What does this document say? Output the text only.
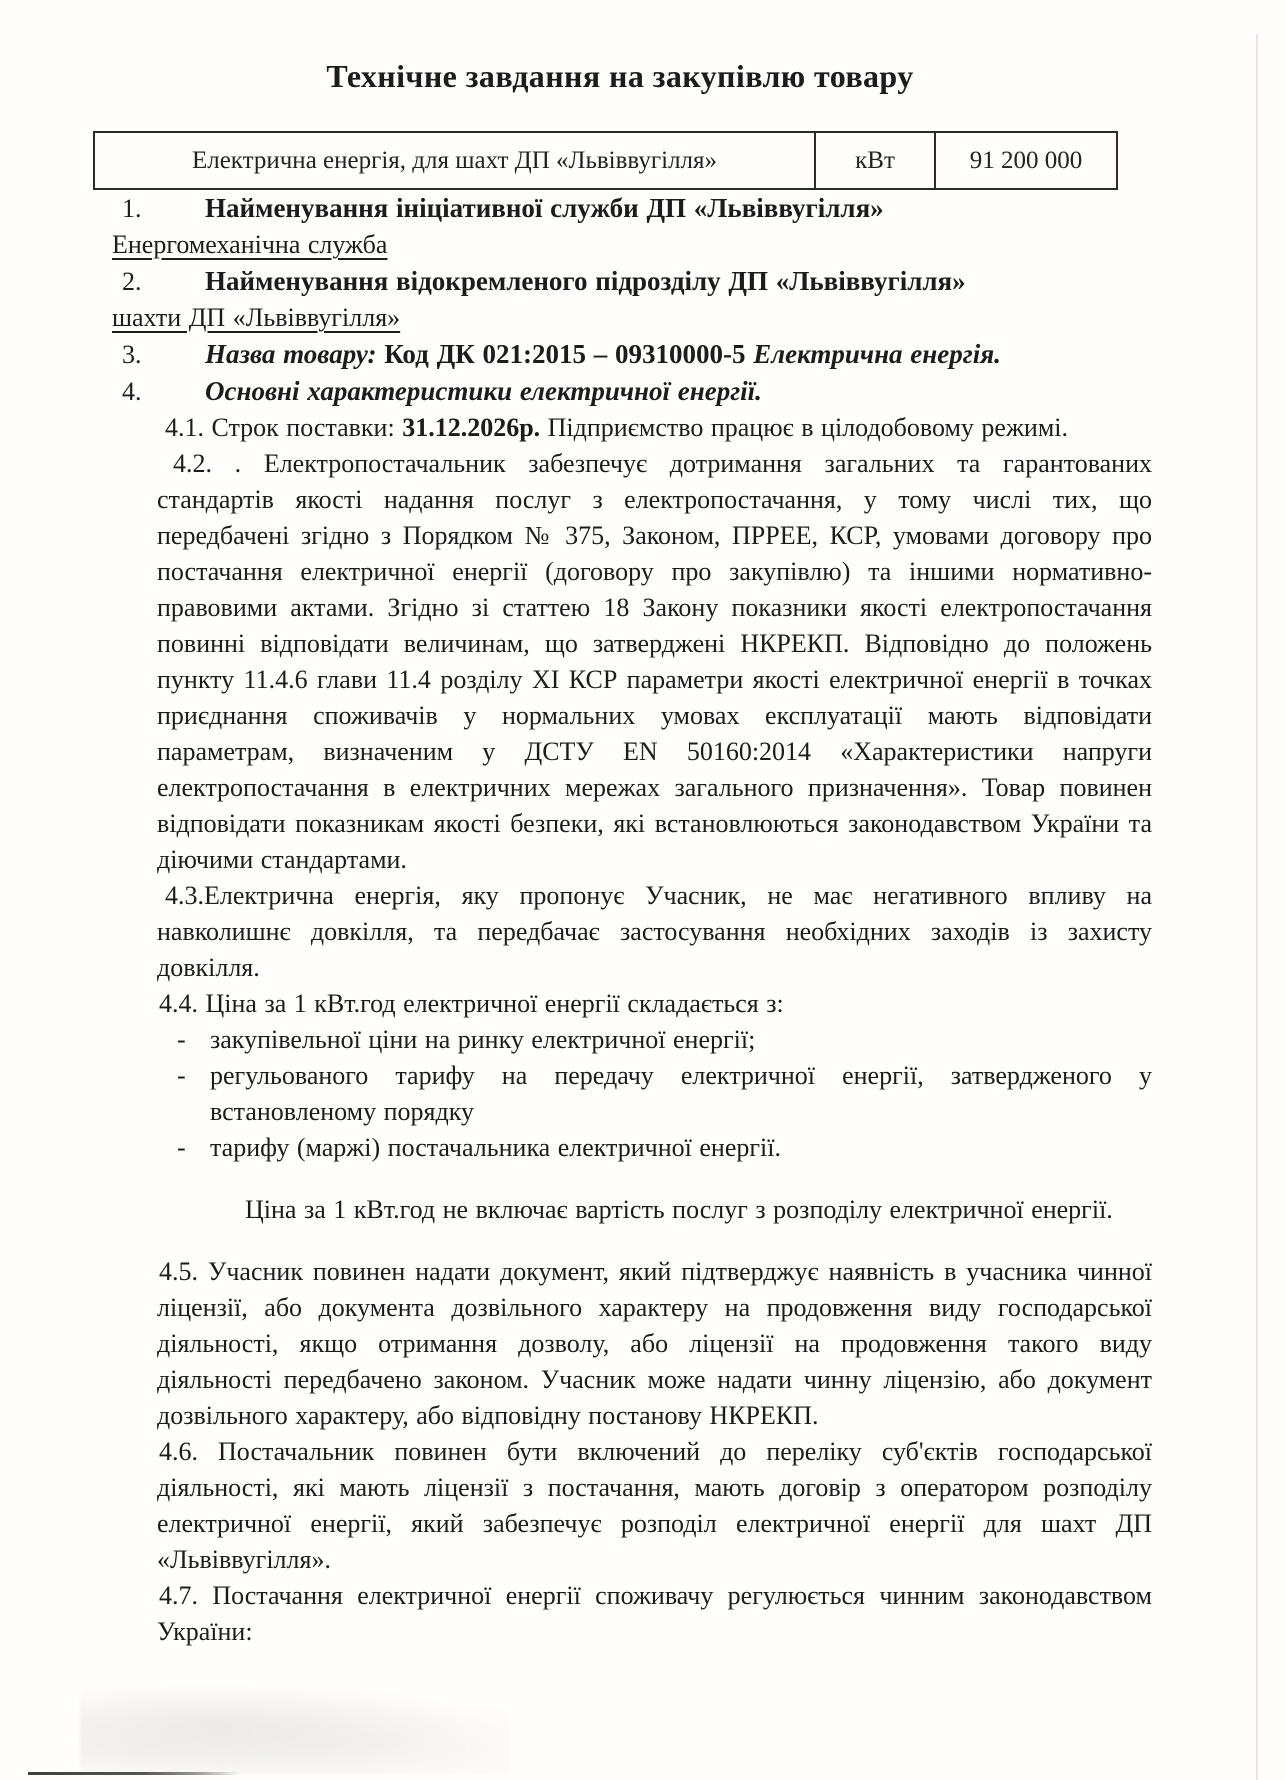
Технічне завдання на закупівлю товару
Електрична енергія, для шахт ДП «Львіввугілля»	кВт	91 200 000
1. Найменування ініціативної служби ДП «Львіввугілля»
Енергомеханічна служба
2. Найменування відокремленого підрозділу ДП «Львіввугілля»
шахти ДП «Львіввугілля»
3. Назва товару: Код ДК 021:2015 – 09310000-5 Електрична енергія.
4. Основні характеристики електричної енергії.

4.1. Строк поставки: 31.12.2026р. Підприємство працює в цілодобовому режимі.

4.2. . Електропостачальник забезпечує дотримання загальних та гарантованих стандартів якості надання послуг з електропостачання, у тому числі тих, що передбачені згідно з Порядком № 375, Законом, ПРРЕЕ, КСР, умовами договору про постачання електричної енергії (договору про закупівлю) та іншими нормативно-правовими актами. Згідно зі статтею 18 Закону показники якості електропостачання повинні відповідати величинам, що затверджені НКРЕКП. Відповідно до положень пункту 11.4.6 глави 11.4 розділу XI КСР параметри якості електричної енергії в точках приєднання споживачів у нормальних умовах експлуатації мають відповідати параметрам, визначеним у ДСТУ EN 50160:2014 «Характеристики напруги електропостачання в електричних мережах загального призначення». Товар повинен відповідати показникам якості безпеки, які встановлюються законодавством України та діючими стандартами.

4.3.Електрична енергія, яку пропонує Учасник, не має негативного впливу на навколишнє довкілля, та передбачає застосування необхідних заходів із захисту довкілля.

4.4. Ціна за 1 кВт.год електричної енергії складається з:

- закупівельної ціни на ринку електричної енергії;
- регульованого тарифу на передачу електричної енергії, затвердженого у встановленому порядку
- тарифу (маржі) постачальника електричної енергії.

Ціна за 1 кВт.год не включає вартість послуг з розподілу електричної енергії.

4.5. Учасник повинен надати документ, який підтверджує наявність в учасника чинної ліцензії, або документа дозвільного характеру на продовження виду господарської діяльності, якщо отримання дозволу, або ліцензії на продовження такого виду діяльності передбачено законом. Учасник може надати чинну ліцензію, або документ дозвільного характеру, або відповідну постанову НКРЕКП.

4.6. Постачальник повинен бути включений до переліку суб'єктів господарської діяльності, які мають ліцензії з постачання, мають договір з оператором розподілу електричної енергії, який забезпечує розподіл електричної енергії для шахт ДП «Львіввугілля».

4.7. Постачання електричної енергії споживачу регулюється чинним законодавством України:
